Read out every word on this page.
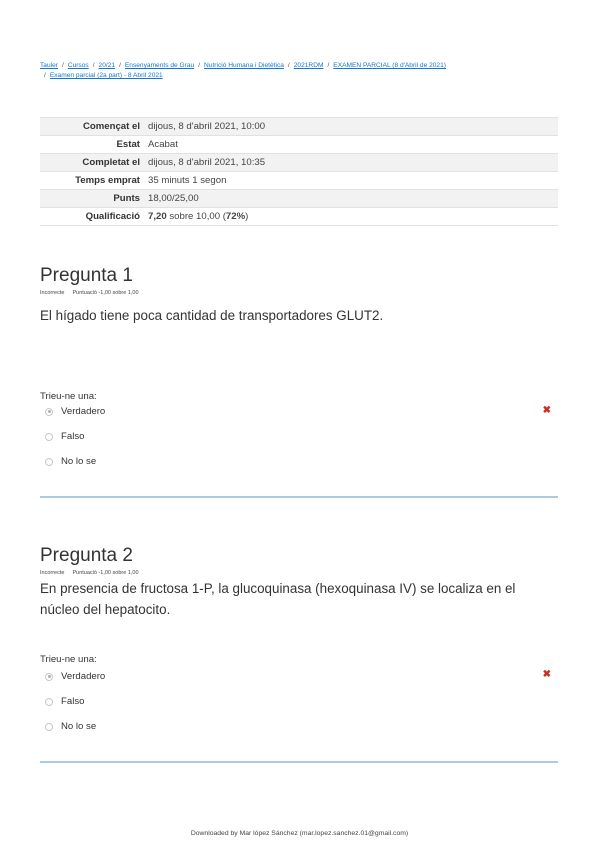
Tauler / Cursos / 20/21 / Ensenyaments de Grau / Nutrició Humana i Dietètica / 2021RDM / EXAMEN PARCIAL (8 d'Abril de 2021)
/ Examen parcial (2a part) - 8 Abril 2021
Començat el	dijous, 8 d'abril 2021, 10:00
Estat	Acabat
Completat el	dijous, 8 d'abril 2021, 10:35
Temps emprat	35 minuts 1 segon
Punts	18,00/25,00
Qualificació	7,20 sobre 10,00 (72%)
Pregunta 1
Incorrecte Puntuació -1,00 sobre 1,00
El hígado tiene poca cantidad de transportadores GLUT2.
Trieu-ne una:
Verdadero	✖
Falso
No lo se
Pregunta 2
Incorrecte Puntuació -1,00 sobre 1,00
En presencia de fructosa 1-P, la glucoquinasa (hexoquinasa IV) se localiza en el núcleo del hepatocito.
Trieu-ne una:
Verdadero	✖
Falso
No lo se
Downloaded by Mar lópez Sánchez (mar.lopez.sanchez.01@gmail.com)
